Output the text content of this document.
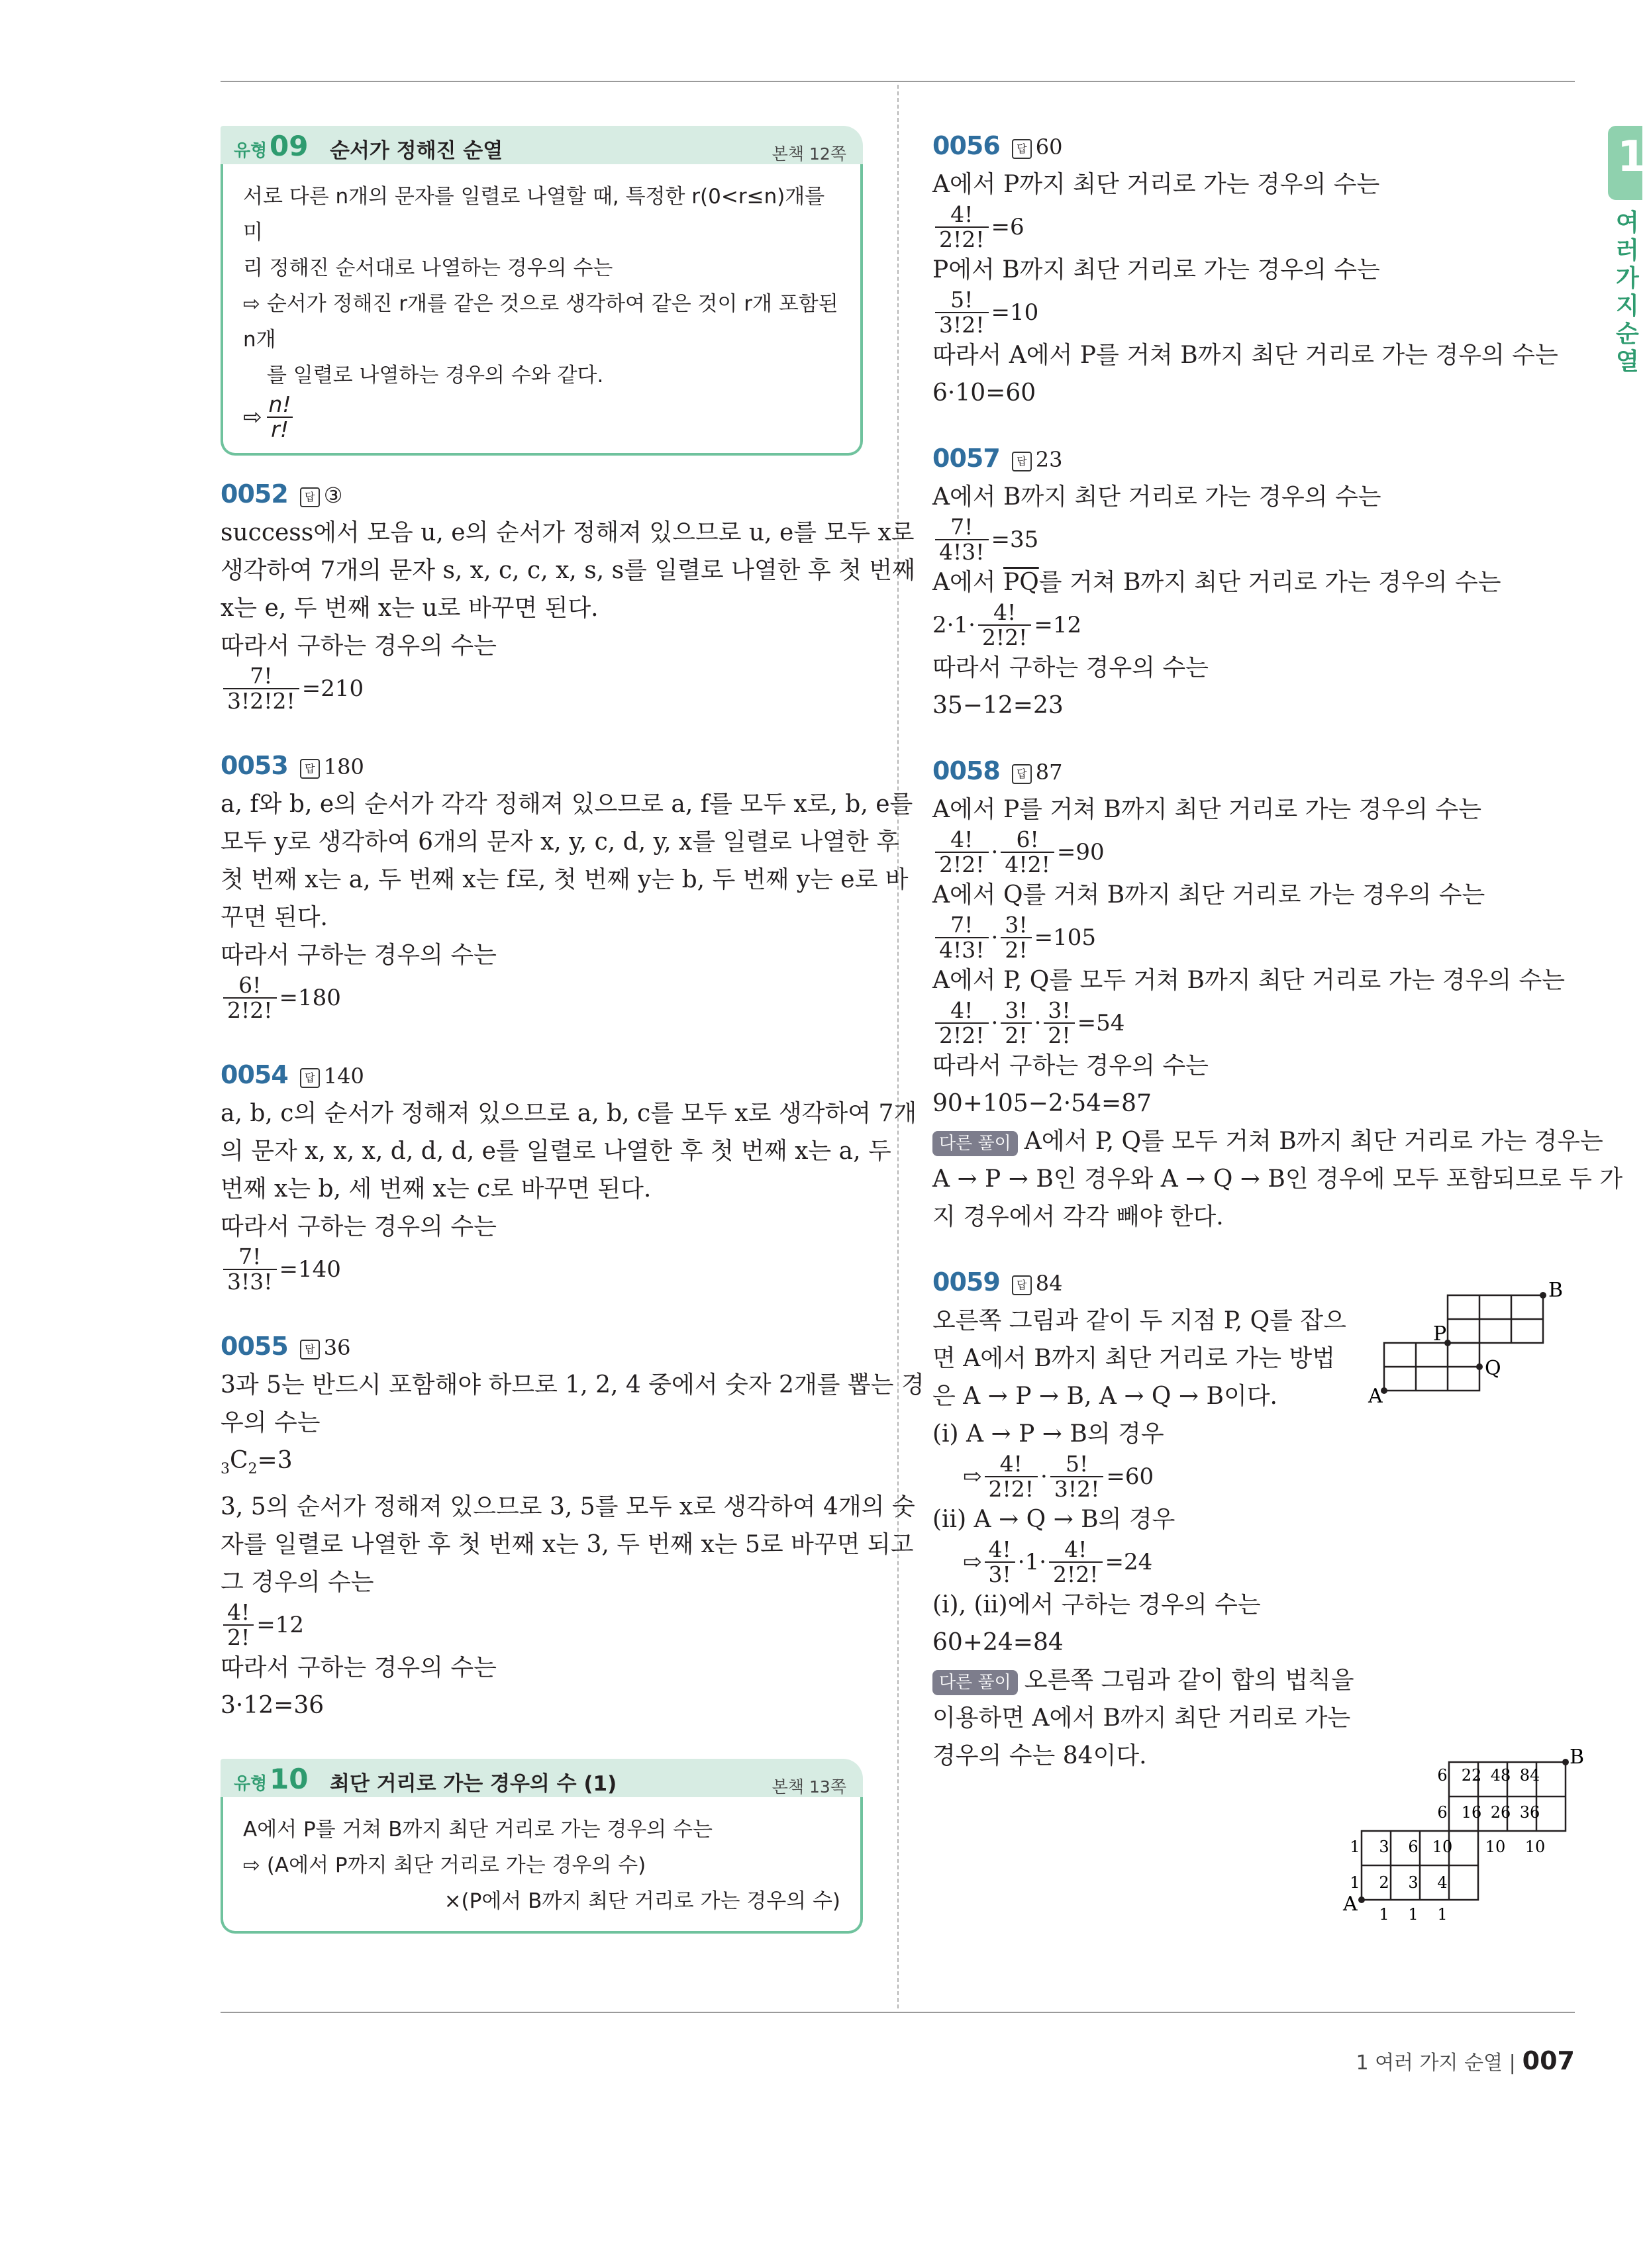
1
여러 가지 순열
유형 09 순서가 정해진 순열	본책 12쪽
서로 다른 n개의 문자를 일렬로 나열할 때, 특정한 r(0<r≤n)개를 미
리 정해진 순서대로 나열하는 경우의 수는
⇨ 순서가 정해진 r개를 같은 것으로 생각하여 같은 것이 r개 포함된 n개
를 일렬로 나열하는 경우의 수와 같다.
⇨ $\frac{n!}{r!}$
0052 답 ③
success에서 모음 u, e의 순서가 정해져 있으므로 u, e를 모두 x로
생각하여 7개의 문자 s, x, c, c, x, s, s를 일렬로 나열한 후 첫 번째
x는 e, 두 번째 x는 u로 바꾸면 된다.
따라서 구하는 경우의 수는
$\frac{7!}{3!2!2!} =210$
0053 답 180
a, f와 b, e의 순서가 각각 정해져 있으므로 a, f를 모두 x로, b, e를
모두 y로 생각하여 6개의 문자 x, y, c, d, y, x를 일렬로 나열한 후
첫 번째 x는 a, 두 번째 x는 f로, 첫 번째 y는 b, 두 번째 y는 e로 바
꾸면 된다.
따라서 구하는 경우의 수는
$\frac{6!}{2!2!} =180$
0054 답 140
a, b, c의 순서가 정해져 있으므로 a, b, c를 모두 x로 생각하여 7개
의 문자 x, x, x, d, d, d, e를 일렬로 나열한 후 첫 번째 x는 a, 두
번째 x는 b, 세 번째 x는 c로 바꾸면 된다.
따라서 구하는 경우의 수는
$\frac{7!}{3!3!} =140$
0055 답 36
3과 5는 반드시 포함해야 하므로 1, 2, 4 중에서 숫자 2개를 뽑는 경
우의 수는
$_3C_2=3$
3, 5의 순서가 정해져 있으므로 3, 5를 모두 x로 생각하여 4개의 숫
자를 일렬로 나열한 후 첫 번째 x는 3, 두 번째 x는 5로 바꾸면 되고
그 경우의 수는
$\frac{4!}{2!} =12$
따라서 구하는 경우의 수는
3·12=36
유형 10 최단 거리로 가는 경우의 수 (1)	본책 13쪽
A에서 P를 거쳐 B까지 최단 거리로 가는 경우의 수는
⇨ (A에서 P까지 최단 거리로 가는 경우의 수)
×(P에서 B까지 최단 거리로 가는 경우의 수)
0056 답 60
A에서 P까지 최단 거리로 가는 경우의 수는
$\frac{4!}{2!2!} =6$
P에서 B까지 최단 거리로 가는 경우의 수는
$\frac{5!}{3!2!} =10$
따라서 A에서 P를 거쳐 B까지 최단 거리로 가는 경우의 수는
6·10=60
0057 답 23
A에서 B까지 최단 거리로 가는 경우의 수는
$\frac{7!}{4!3!} =35$
A에서 $\overline{PQ}$를 거쳐 B까지 최단 거리로 가는 경우의 수는
$2\cdot 1\cdot \frac{4!}{2!2!} =12$
따라서 구하는 경우의 수는
35−12=23
0058 답 87
A에서 P를 거쳐 B까지 최단 거리로 가는 경우의 수는
$\frac{4!}{2!2!} \cdot \frac{6!}{4!2!} =90$
A에서 Q를 거쳐 B까지 최단 거리로 가는 경우의 수는
$\frac{7!}{4!3!} \cdot \frac{3!}{2!} =105$
A에서 P, Q를 모두 거쳐 B까지 최단 거리로 가는 경우의 수는
$\frac{4!}{2!2!} \cdot \frac{3!}{2!} \cdot \frac{3!}{2!} =54$
따라서 구하는 경우의 수는
90+105−2·54=87
다른 풀이 A에서 P, Q를 모두 거쳐 B까지 최단 거리로 가는 경우는
A → P → B인 경우와 A → Q → B인 경우에 모두 포함되므로 두 가
지 경우에서 각각 빼야 한다.
0059 답 84
오른쪽 그림과 같이 두 지점 P, Q를 잡으
면 A에서 B까지 최단 거리로 가는 방법
은 A → P → B, A → Q → B이다.
(ⅰ) A → P → B의 경우
⇨ $\frac{4!}{2!2!} \cdot \frac{5!}{3!2!} =60$
(ⅱ) A → Q → B의 경우
⇨ $\frac{4!}{3!} \cdot 1\cdot \frac{4!}{2!2!} =24$
(ⅰ), (ⅱ)에서 구하는 경우의 수는
60+24=84
다른 풀이 오른쪽 그림과 같이 합의 법칙을
이용하면 A에서 B까지 최단 거리로 가는
경우의 수는 84이다.
A
B
P
Q
6 22 48 84
6 16 26 36
1 3 6 10 10 10
1 2 3 4
1 1 1
A
B
1 여러 가지 순열 | 007
